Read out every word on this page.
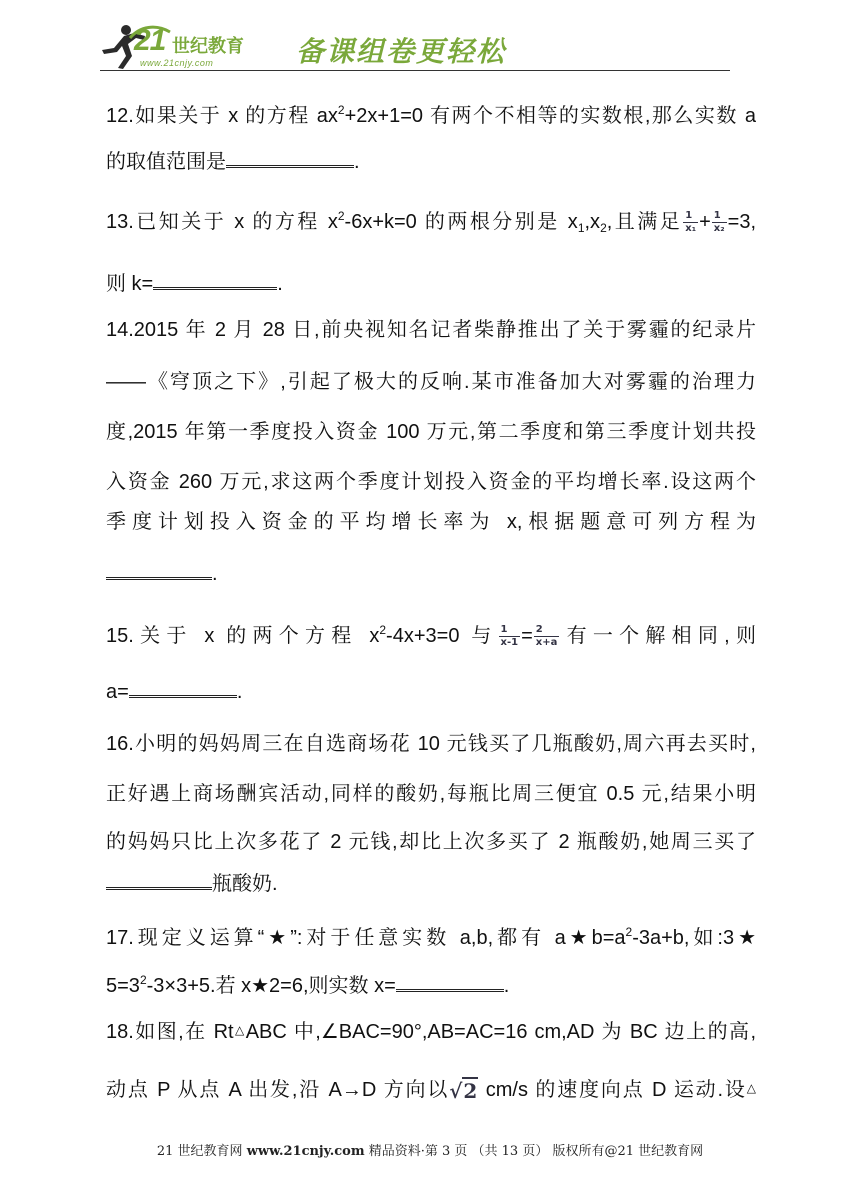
21 世纪教育
www.21cnjy.com	备课组卷更轻松
12.如果关于 x 的方程 $ax^2+2x+1=0$ 有两个不相等的实数根,那么实数 a
的取值范围是	.
13.已知关于 x 的方程 $x^2-6x+k=0$ 的两根分别是 $x_1,x_2$,且满足 $\frac{1}{\text{x₁}} + \frac{1}{\text{x₂}} =3$,
则 k=	.
14.2015 年 2 月 28 日,前央视知名记者柴静推出了关于雾霾的纪录片
——《穹顶之下》,引起了极大的反响.某市准备加大对雾霾的治理力
度,2015 年第一季度投入资金 100 万元,第二季度和第三季度计划共投
入资金 260 万元,求这两个季度计划投入资金的平均增长率.设这两个
季度计划投入资金的平均增长率为 x,根据题意可列方程为
.
15.关于 x 的两个方程 $x^2-4x+3=0$ 与 $\frac{1}{x-1} = \frac{2}{x+a}$ 有一个解相同,则
a=	.
16.小明的妈妈周三在自选商场花 10 元钱买了几瓶酸奶,周六再去买时,
正好遇上商场酬宾活动,同样的酸奶,每瓶比周三便宜 0.5 元,结果小明
的妈妈只比上次多花了 2 元钱,却比上次多买了 2 瓶酸奶,她周三买了
瓶酸奶.
17.现定义运算“★”:对于任意实数 a,b,都有 $a★b=a^2-3a+b$,如:3★
$5=3^2-3\times 3+5$.若 x★2=6,则实数 x=	.
18.如图,在 Rt△ABC 中,∠BAC=90°,AB=AC=16 cm,AD 为 BC 边上的高,
动点 P 从点 A 出发,沿 A→D 方向以√2 cm/s 的速度向点 D 运动.设△
21 世纪教育网 www.21cnjy.com 精品资料·第 3 页 （共 13 页） 版权所有@21 世纪教育网
